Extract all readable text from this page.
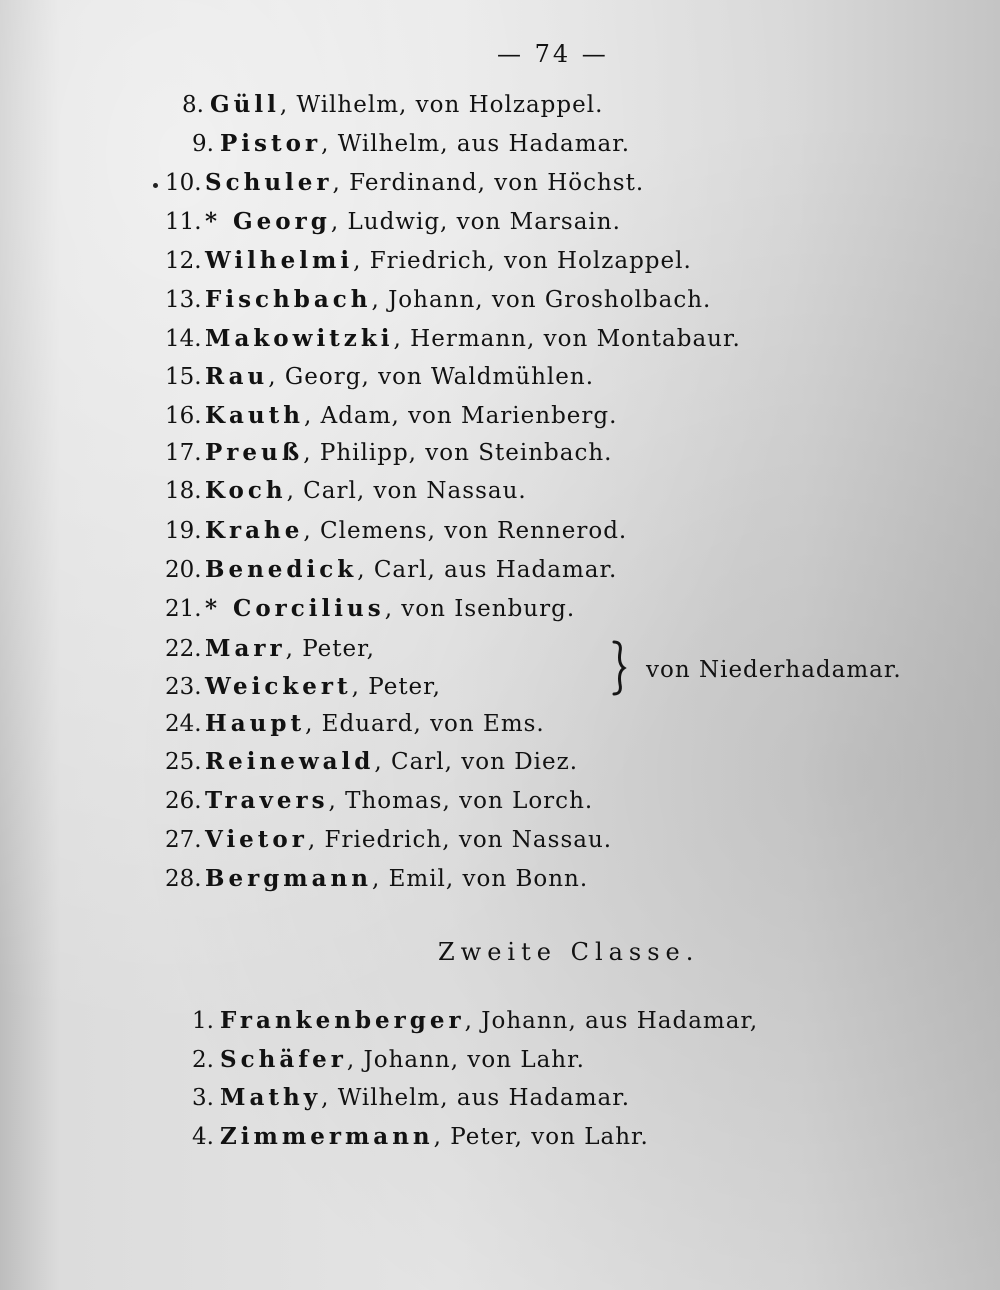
— 74 —
8. Güll, Wilhelm, von Holzappel.
9. Pistor, Wilhelm, aus Hadamar.
10. Schuler, Ferdinand, von Höchst.
11. * Georg, Ludwig, von Marsain.
12. Wilhelmi, Friedrich, von Holzappel.
13. Fischbach, Johann, von Grosholbach.
14. Makowitzki, Hermann, von Montabaur.
15. Rau, Georg, von Waldmühlen.
16. Kauth, Adam, von Marienberg.
17. Preuß, Philipp, von Steinbach.
18. Koch, Carl, von Nassau.
19. Krahe, Clemens, von Rennerod.
20. Benedick, Carl, aus Hadamar.
21. * Corcilius, von Isenburg.
22. Marr, Peter,
23. Weickert, Peter,
von Niederhadamar.
24. Haupt, Eduard, von Ems.
25. Reinewald, Carl, von Diez.
26. Travers, Thomas, von Lorch.
27. Vietor, Friedrich, von Nassau.
28. Bergmann, Emil, von Bonn.
Zweite Classe.
1. Frankenberger, Johann, aus Hadamar,
2. Schäfer, Johann, von Lahr.
3. Mathy, Wilhelm, aus Hadamar.
4. Zimmermann, Peter, von Lahr.
